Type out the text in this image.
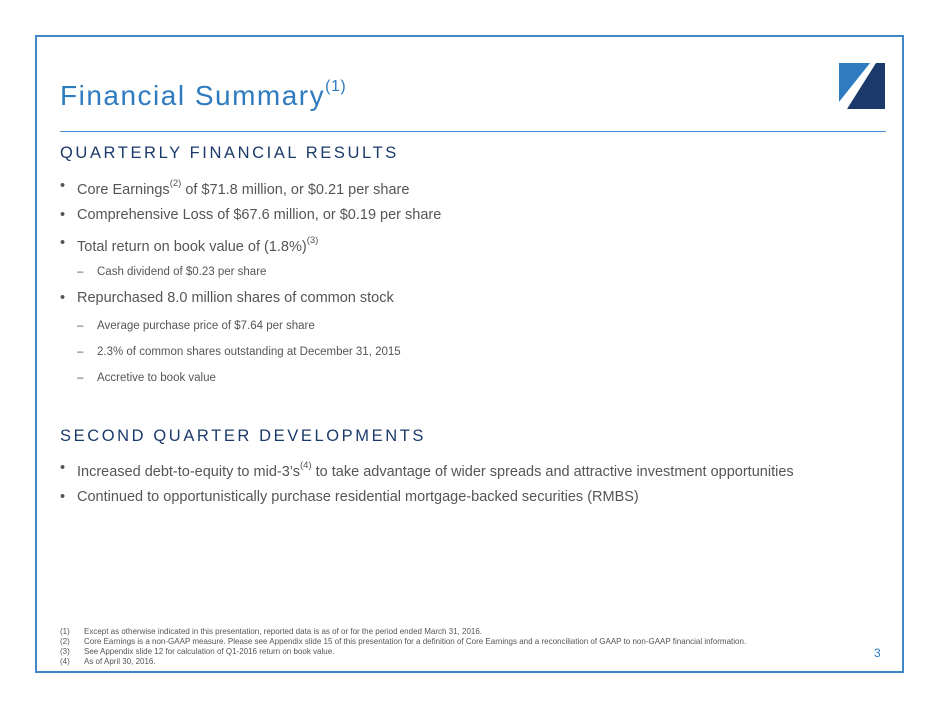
Financial Summary$^{(1)}$
QUARTERLY FINANCIAL RESULTS
• Core Earnings$^{(2)}$ of $71.8 million, or $0.21 per share
• Comprehensive Loss of $67.6 million, or $0.19 per share
• Total return on book value of $(1.8\%)^{(3)}$
– Cash dividend of $0.23 per share
• Repurchased 8.0 million shares of common stock
– Average purchase price of $7.64 per share
– 2.3% of common shares outstanding at December 31, 2015
– Accretive to book value
SECOND QUARTER DEVELOPMENTS
• Increased debt-to-equity to mid-$3’s^{(4)}$ to take advantage of wider spreads and attractive investment opportunities
• Continued to opportunistically purchase residential mortgage-backed securities (RMBS)
(1) Except as otherwise indicated in this presentation, reported data is as of or for the period ended March 31, 2016.
(2) Core Earnings is a non-GAAP measure. Please see Appendix slide 15 of this presentation for a definition of Core Earnings and a reconciliation of GAAP to non-GAAP financial information.
(3) See Appendix slide 12 for calculation of Q1-2016 return on book value.
(4) As of April 30, 2016.
3
